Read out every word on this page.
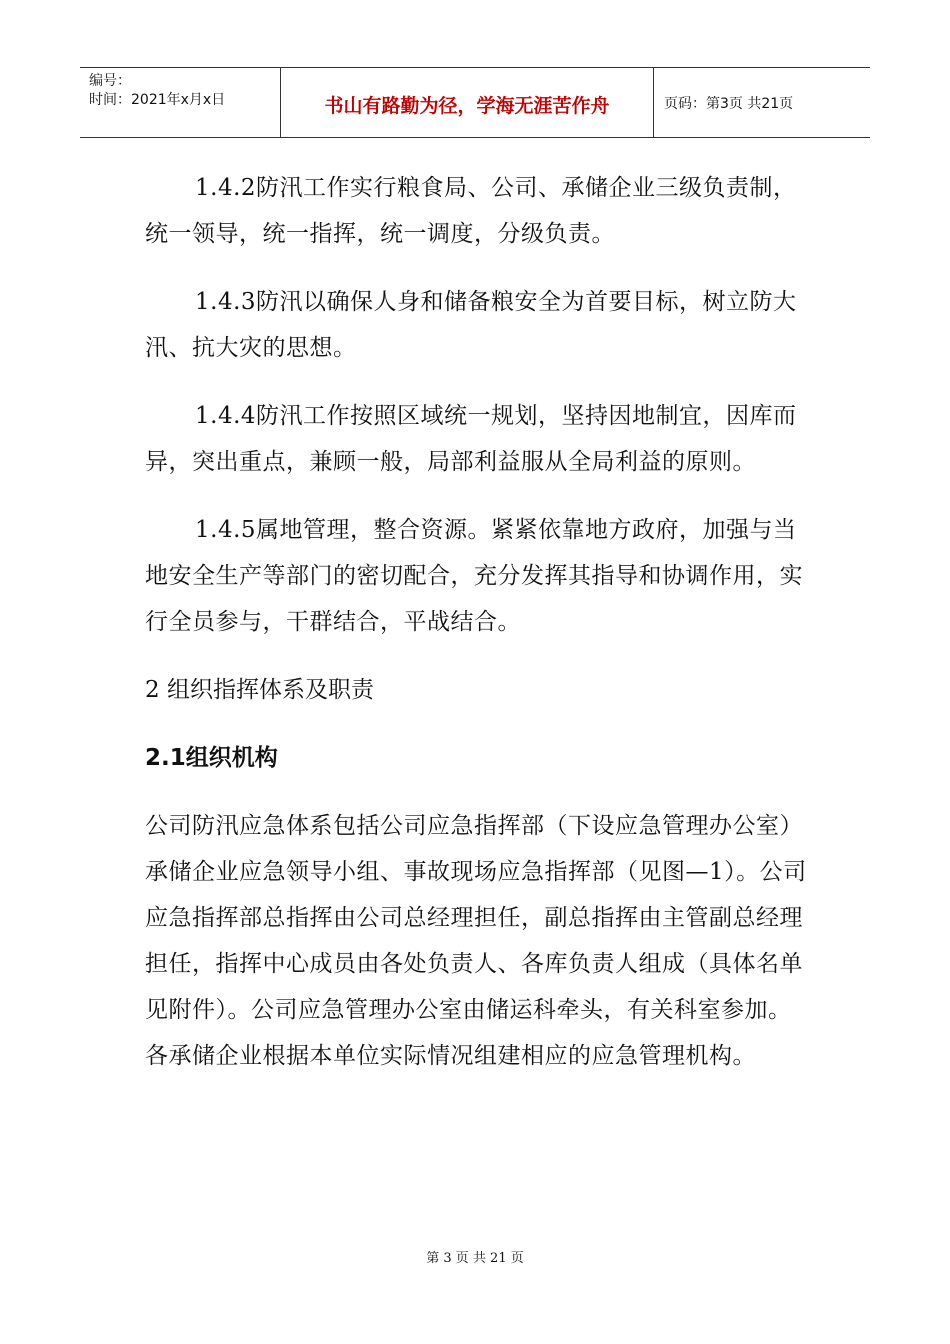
编号：
时间：2021年x月x日	书山有路勤为径，学海无涯苦作舟	页码：第3页 共21页

1.4.2防汛工作实行粮食局、公司、承储企业三级负责制，统一领导，统一指挥，统一调度，分级负责。

1.4.3防汛以确保人身和储备粮安全为首要目标，树立防大汛、抗大灾的思想。

1.4.4防汛工作按照区域统一规划，坚持因地制宜，因库而异，突出重点，兼顾一般，局部利益服从全局利益的原则。

1.4.5属地管理，整合资源。紧紧依靠地方政府，加强与当地安全生产等部门的密切配合，充分发挥其指导和协调作用，实行全员参与，干群结合，平战结合。

2 组织指挥体系及职责

2.1组织机构

公司防汛应急体系包括公司应急指挥部（下设应急管理办公室）承储企业应急领导小组、事故现场应急指挥部（见图—1）。公司应急指挥部总指挥由公司总经理担任，副总指挥由主管副总经理担任，指挥中心成员由各处负责人、各库负责人组成（具体名单见附件）。公司应急管理办公室由储运科牵头，有关科室参加。各承储企业根据本单位实际情况组建相应的应急管理机构。

第 3 页 共 21 页
